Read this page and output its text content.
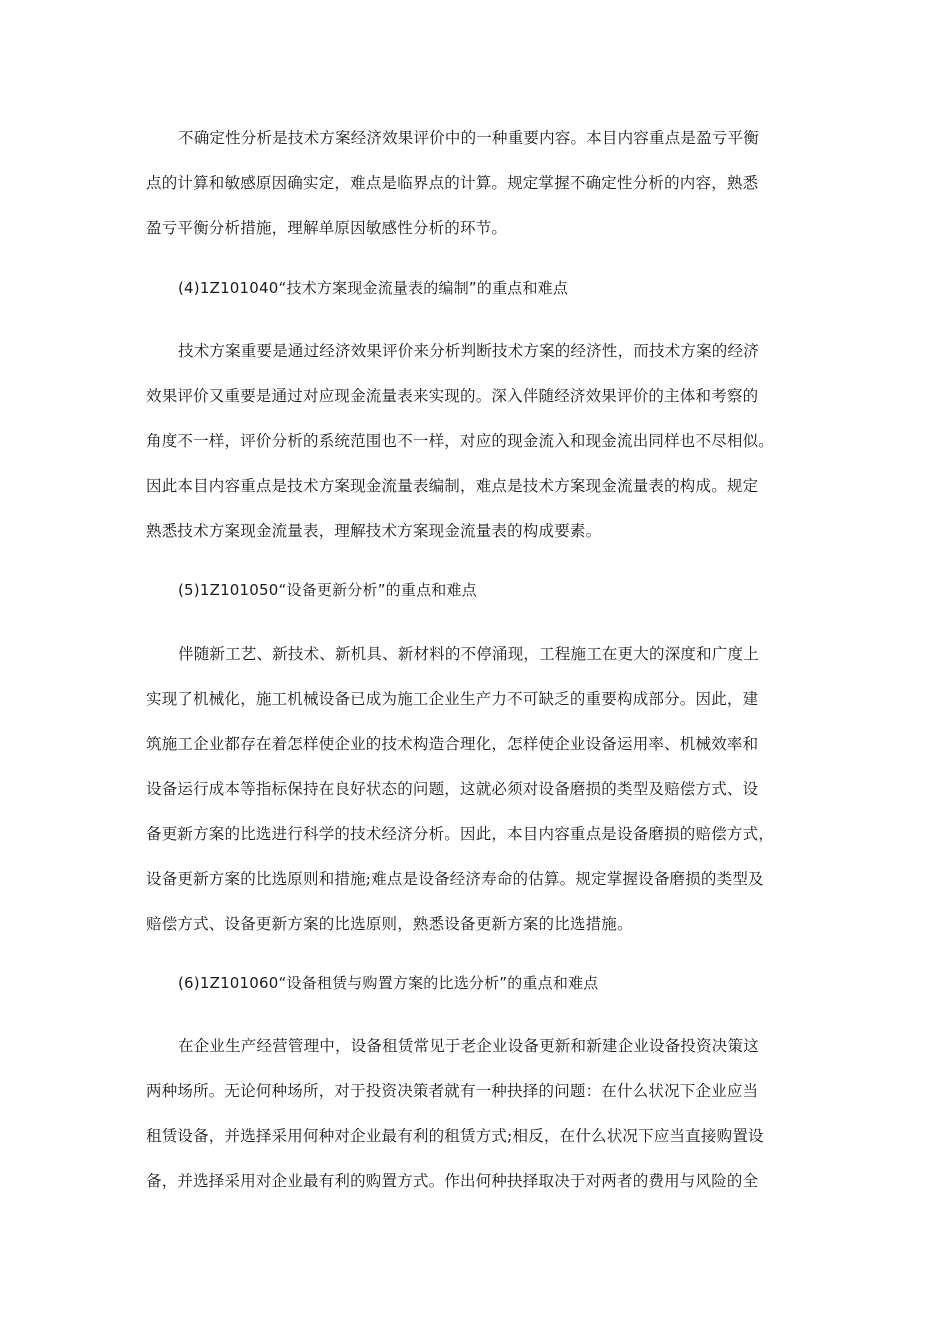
不确定性分析是技术方案经济效果评价中的一种重要内容。本目内容重点是盈亏平衡
点的计算和敏感原因确实定，难点是临界点的计算。规定掌握不确定性分析的内容，熟悉
盈亏平衡分析措施，理解单原因敏感性分析的环节。
(4)1Z101040“技术方案现金流量表的编制”的重点和难点
技术方案重要是通过经济效果评价来分析判断技术方案的经济性，而技术方案的经济
效果评价又重要是通过对应现金流量表来实现的。深入伴随经济效果评价的主体和考察的
角度不一样，评价分析的系统范围也不一样，对应的现金流入和现金流出同样也不尽相似。
因此本目内容重点是技术方案现金流量表编制，难点是技术方案现金流量表的构成。规定
熟悉技术方案现金流量表，理解技术方案现金流量表的构成要素。
(5)1Z101050“设备更新分析”的重点和难点
伴随新工艺、新技术、新机具、新材料的不停涌现，工程施工在更大的深度和广度上
实现了机械化，施工机械设备已成为施工企业生产力不可缺乏的重要构成部分。因此，建
筑施工企业都存在着怎样使企业的技术构造合理化，怎样使企业设备运用率、机械效率和
设备运行成本等指标保持在良好状态的问题，这就必须对设备磨损的类型及赔偿方式、设
备更新方案的比选进行科学的技术经济分析。因此，本目内容重点是设备磨损的赔偿方式，
设备更新方案的比选原则和措施;难点是设备经济寿命的估算。规定掌握设备磨损的类型及
赔偿方式、设备更新方案的比选原则，熟悉设备更新方案的比选措施。
(6)1Z101060“设备租赁与购置方案的比选分析”的重点和难点
在企业生产经营管理中，设备租赁常见于老企业设备更新和新建企业设备投资决策这
两种场所。无论何种场所，对于投资决策者就有一种抉择的问题：在什么状况下企业应当
租赁设备，并选择采用何种对企业最有利的租赁方式;相反，在什么状况下应当直接购置设
备，并选择采用对企业最有利的购置方式。作出何种抉择取决于对两者的费用与风险的全
